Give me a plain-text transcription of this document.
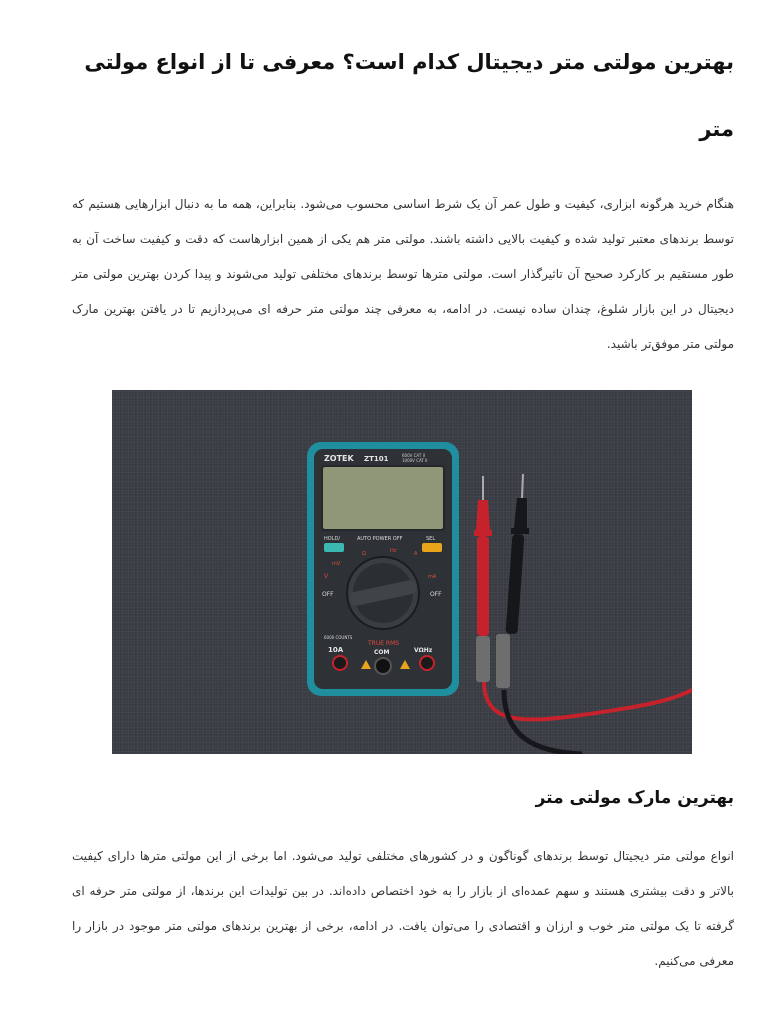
بهترین مولتی متر دیجیتال کدام است؟ معرفی تا از انواع مولتی
متر

هنگام خرید هرگونه ابزاری، کیفیت و طول عمر آن یک شرط اساسی محسوب می‌شود. بنابراین، همه ما به دنبال ابزارهایی هستیم که توسط برندهای معتبر تولید شده و کیفیت بالایی داشته باشند. مولتی متر هم یکی از همین ابزارهاست که دقت و کیفیت ساخت آن به طور مستقیم بر کارکرد صحیح آن تاثیرگذار است. مولتی مترها توسط برندهای مختلفی تولید می‌شوند و پیدا کردن بهترین مولتی متر دیجیتال در این بازار شلوغ، چندان ساده نیست. در ادامه، به معرفی چند مولتی متر حرفه ای می‌پردازیم تا در یافتن بهترین مارک مولتی متر موفق‌تر باشید.

ZOTEK ZT101	600V CAT II
1000V CAT II
HOLD/	AUTO POWER OFF	SEL
mV
Ω	Hz	A
V	mA
OFF	OFF
6000 COUNTS
TRUE RMS
10A	COM	VΩHz
بهترین مارک مولتی متر

انواع مولتی متر دیجیتال توسط برندهای گوناگون و در کشورهای مختلفی تولید می‌شود. اما برخی از این مولتی مترها دارای کیفیت بالاتر و دقت بیشتری هستند و سهم عمده‌ای از بازار را به خود اختصاص داده‌اند. در بین تولیدات این برندها، از مولتی متر حرفه ای گرفته تا یک مولتی متر خوب و ارزان و اقتصادی را می‌توان یافت. در ادامه، برخی از بهترین برندهای مولتی متر موجود در بازار را معرفی می‌کنیم.
